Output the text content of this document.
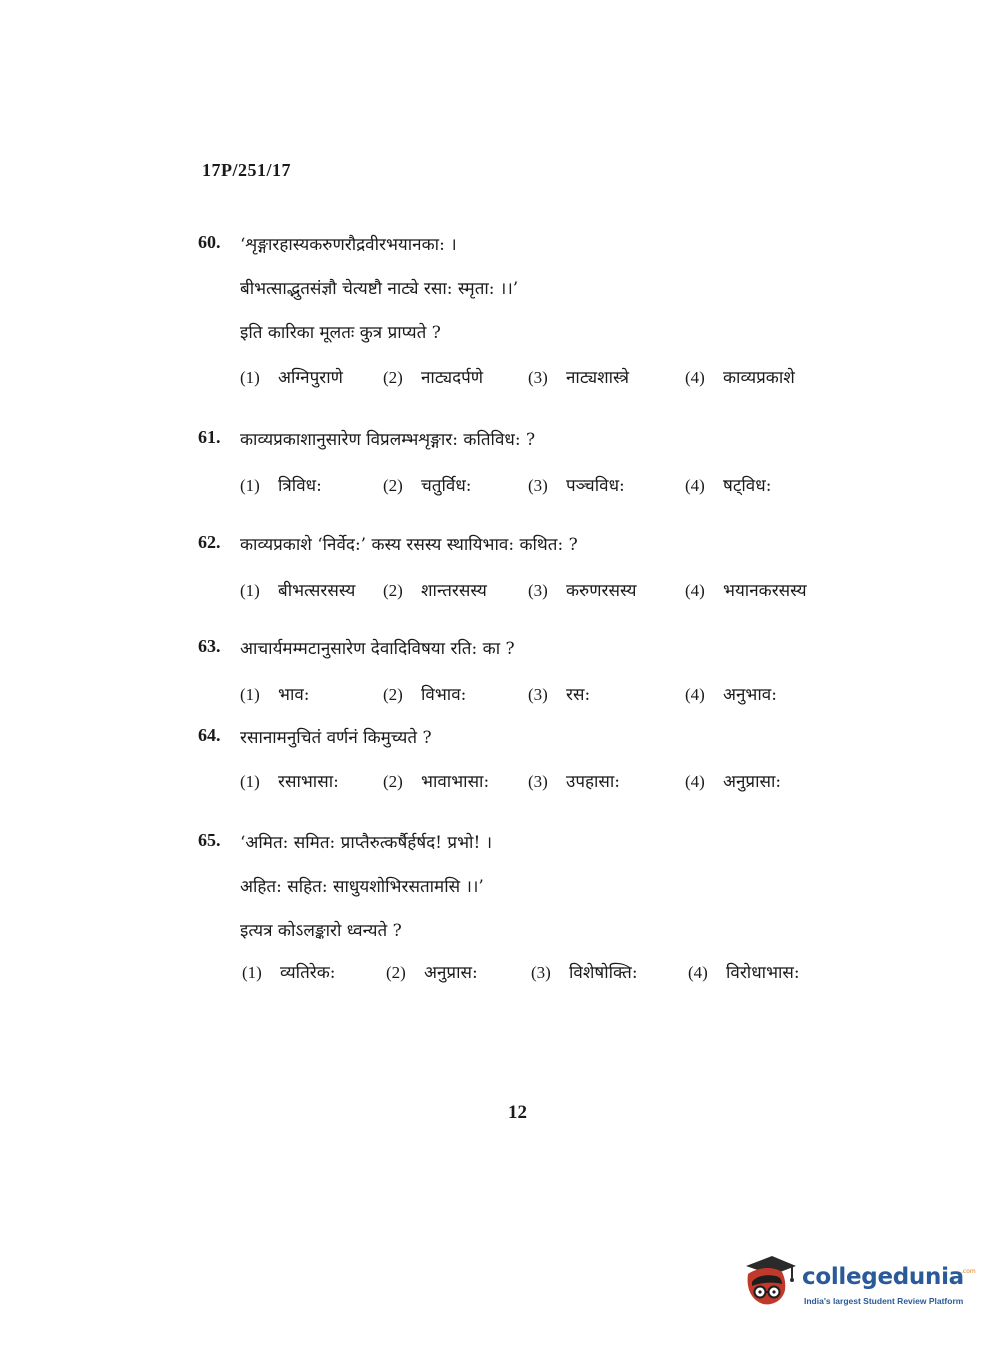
17P/251/17
60. ‘शृङ्गारहास्यकरुणरौद्रवीरभयानका: ।
बीभत्साद्भुतसंज्ञौ चेत्यष्टौ नाट्ये रसा: स्मृता: ।।’
इति कारिका मूलतः कुत्र प्राप्यते ?
(1) अग्निपुराणे (2) नाट्यदर्पणे	(3) नाट्यशास्त्रे	(4) काव्यप्रकाशे
61. काव्यप्रकाशानुसारेण विप्रलम्भशृङ्गार: कतिविध: ?
(1) त्रिविध:	(2) चतुर्विध:	(3) पञ्चविध:	(4) षट्विध:
62. काव्यप्रकाशे ‘निर्वेद:’ कस्य रसस्य स्थायिभाव: कथित: ?
(1) बीभत्सरसस्य (2) शान्तरसस्य (3) करुणरसस्य	(4) भयानकरसस्य
63. आचार्यमम्मटानुसारेण देवादिविषया रति: का ?
(1) भाव:	(2) विभाव:	(3) रस:	(4) अनुभाव:
64. रसानामनुचितं वर्णनं किमुच्यते ?
(1) रसाभासा:	(2) भावाभासा: (3) उपहासा:	(4) अनुप्रासा:
65. ‘अमित: समित: प्राप्तैरुत्कर्षैर्हर्षद! प्रभो! ।
अहित: सहित: साधुयशोभिरसतामसि ।।’
इत्यत्र कोऽलङ्कारो ध्वन्यते ?
(1) व्यतिरेक:	(2) अनुप्रास:	(3) विशेषोक्ति:	(4) विरोधाभास:
12
collegedunia
.com
India's largest Student Review Platform
